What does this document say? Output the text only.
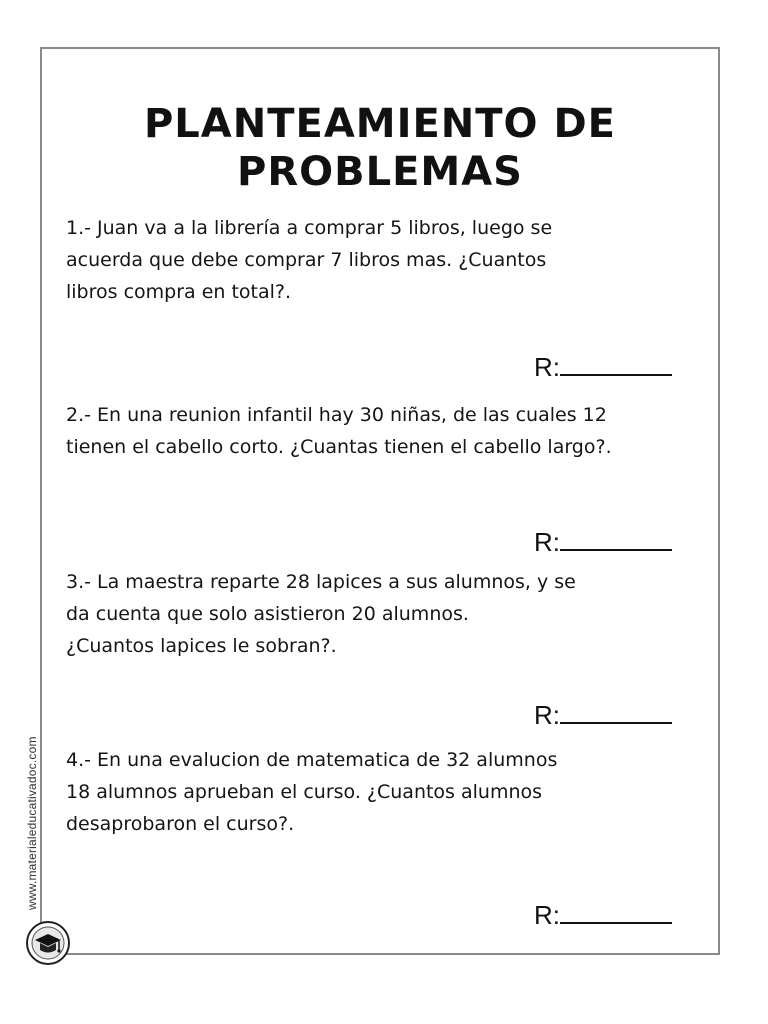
PLANTEAMIENTO DE
PROBLEMAS
1.- Juan va a la librería a comprar 5 libros, luego se
acuerda que debe comprar 7 libros mas. ¿Cuantos
libros compra en total?.
R:
2.- En una reunion infantil hay 30 niñas, de las cuales 12
tienen el cabello corto. ¿Cuantas tienen el cabello largo?.
R:
3.- La maestra reparte 28 lapices a sus alumnos, y se
da cuenta que solo asistieron 20 alumnos.
¿Cuantos lapices le sobran?.
R:
4.- En una evalucion de matematica de 32 alumnos
18 alumnos aprueban el curso. ¿Cuantos alumnos
desaprobaron el curso?.
R:
www.materialeducativadoc.com
